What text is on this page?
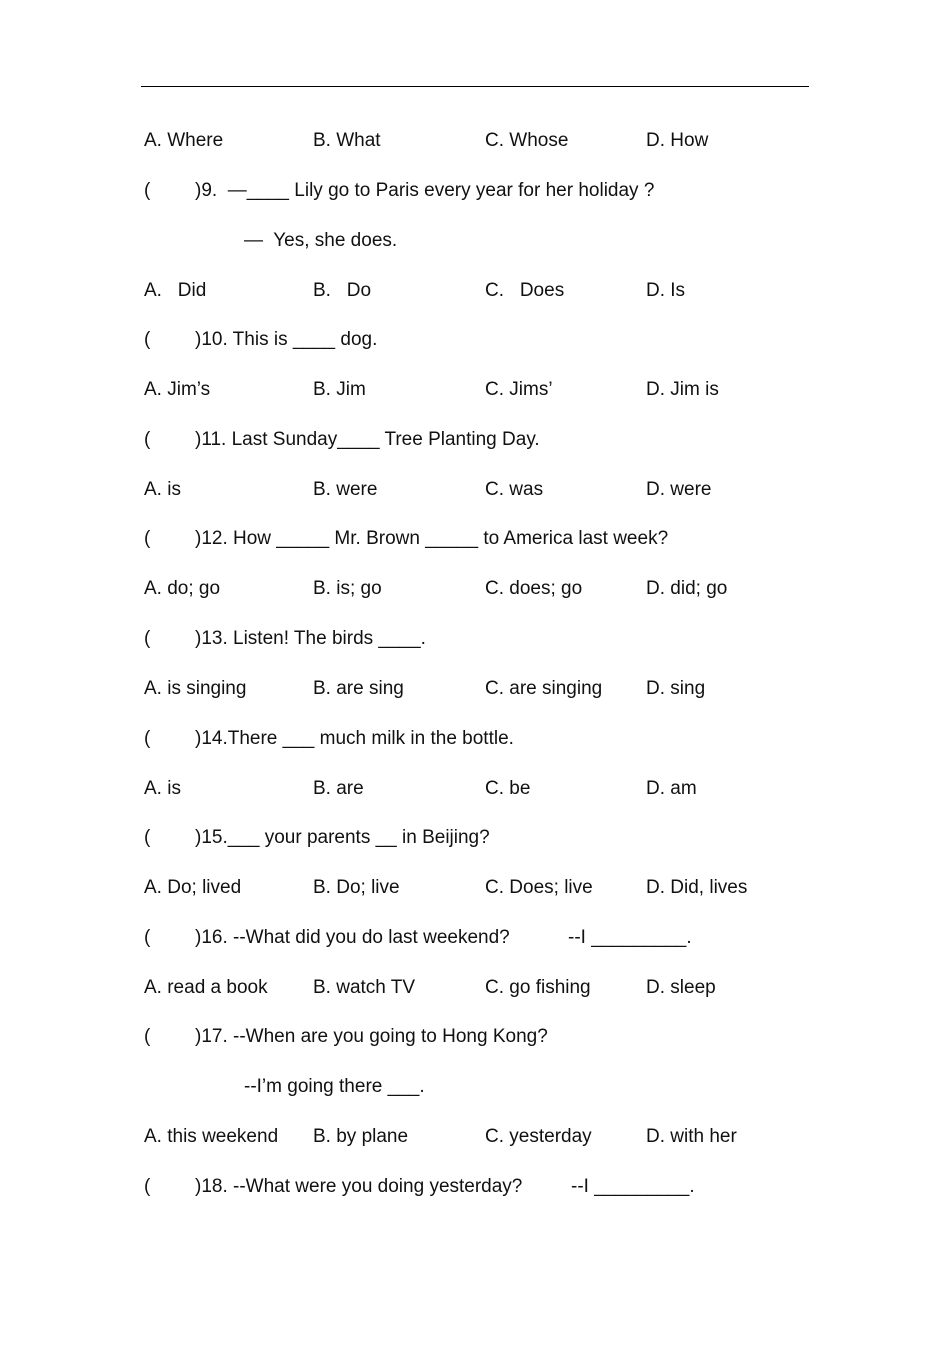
A. Where

	B. What

	C. Whose

	D. How

(

)9.  —____ Lily go to Paris every year for her holiday ?

—  Yes, she does.

A.   Did

	B.   Do

	C.   Does

	D. Is

(

)10. This is ____ dog.

A. Jim’s

	B. Jim

	C. Jims’

	D. Jim is

(

)11. Last Sunday____ Tree Planting Day.

A. is

	B. were

	C. was

	D. were

(

)12. How _____ Mr. Brown _____ to America last week?

A. do; go

	B. is; go

	C. does; go

	D. did; go

(

)13. Listen! The birds ____.

A. is singing

	B. are sing

	C. are singing

D. sing

(

)14.There ___ much milk in the bottle.

A. is

	B. are

	C. be

	D. am

(

)15.___ your parents __ in Beijing?

A. Do; lived

	B. Do; live

	C. Does; live

	D. Did, lives

(

)16. --What did you do last weekend?

	--I _________.

A. read a book

B. watch TV

	C. go fishing

	D. sleep

(

)17. --When are you going to Hong Kong?

--I’m going there ___.

A. this weekend

B. by plane

	C. yesterday

	D. with her

(

)18. --What were you doing yesterday?

	--I _________.
